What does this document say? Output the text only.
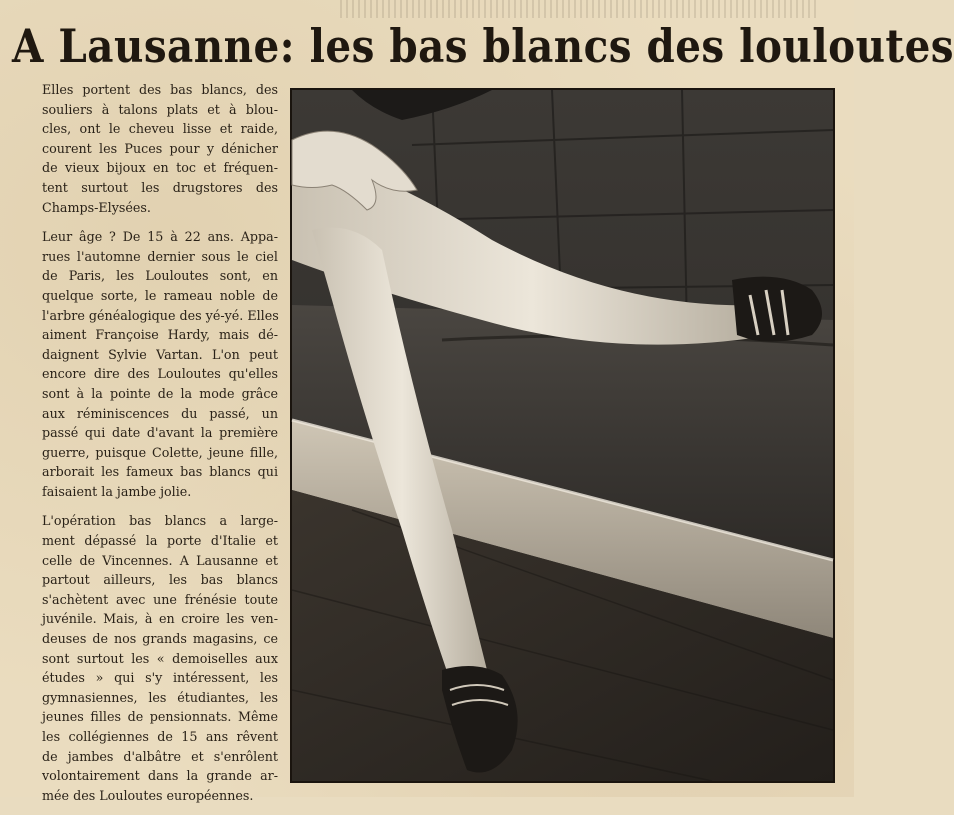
A Lausanne: les bas blancs des louloutes

Elles portent des bas blancs, des
souliers à talons plats et à blou-
cles, ont le cheveu lisse et raide,
courent les Puces pour y dénicher
de vieux bijoux en toc et fréquen-
tent surtout les drugstores des
Champs-Elysées.

Leur âge ? De 15 à 22 ans. Appa-
rues l'automne dernier sous le ciel
de Paris, les Louloutes sont, en
quelque sorte, le rameau noble de
l'arbre généalogique des yé-yé. Elles
aiment Françoise Hardy, mais dé-
daignent Sylvie Vartan. L'on peut
encore dire des Louloutes qu'elles
sont à la pointe de la mode grâce
aux réminiscences du passé, un
passé qui date d'avant la première
guerre, puisque Colette, jeune fille,
arborait les fameux bas blancs qui
faisaient la jambe jolie.

L'opération bas blancs a large-
ment dépassé la porte d'Italie et
celle de Vincennes. A Lausanne et
partout ailleurs, les bas blancs
s'achètent avec une frénésie toute
juvénile. Mais, à en croire les ven-
deuses de nos grands magasins, ce
sont surtout les « demoiselles aux
études » qui s'y intéressent, les
gymnasiennes, les étudiantes, les
jeunes filles de pensionnats. Même
les collégiennes de 15 ans rêvent
de jambes d'albâtre et s'enrôlent
volontairement dans la grande ar-
mée des Louloutes européennes.
